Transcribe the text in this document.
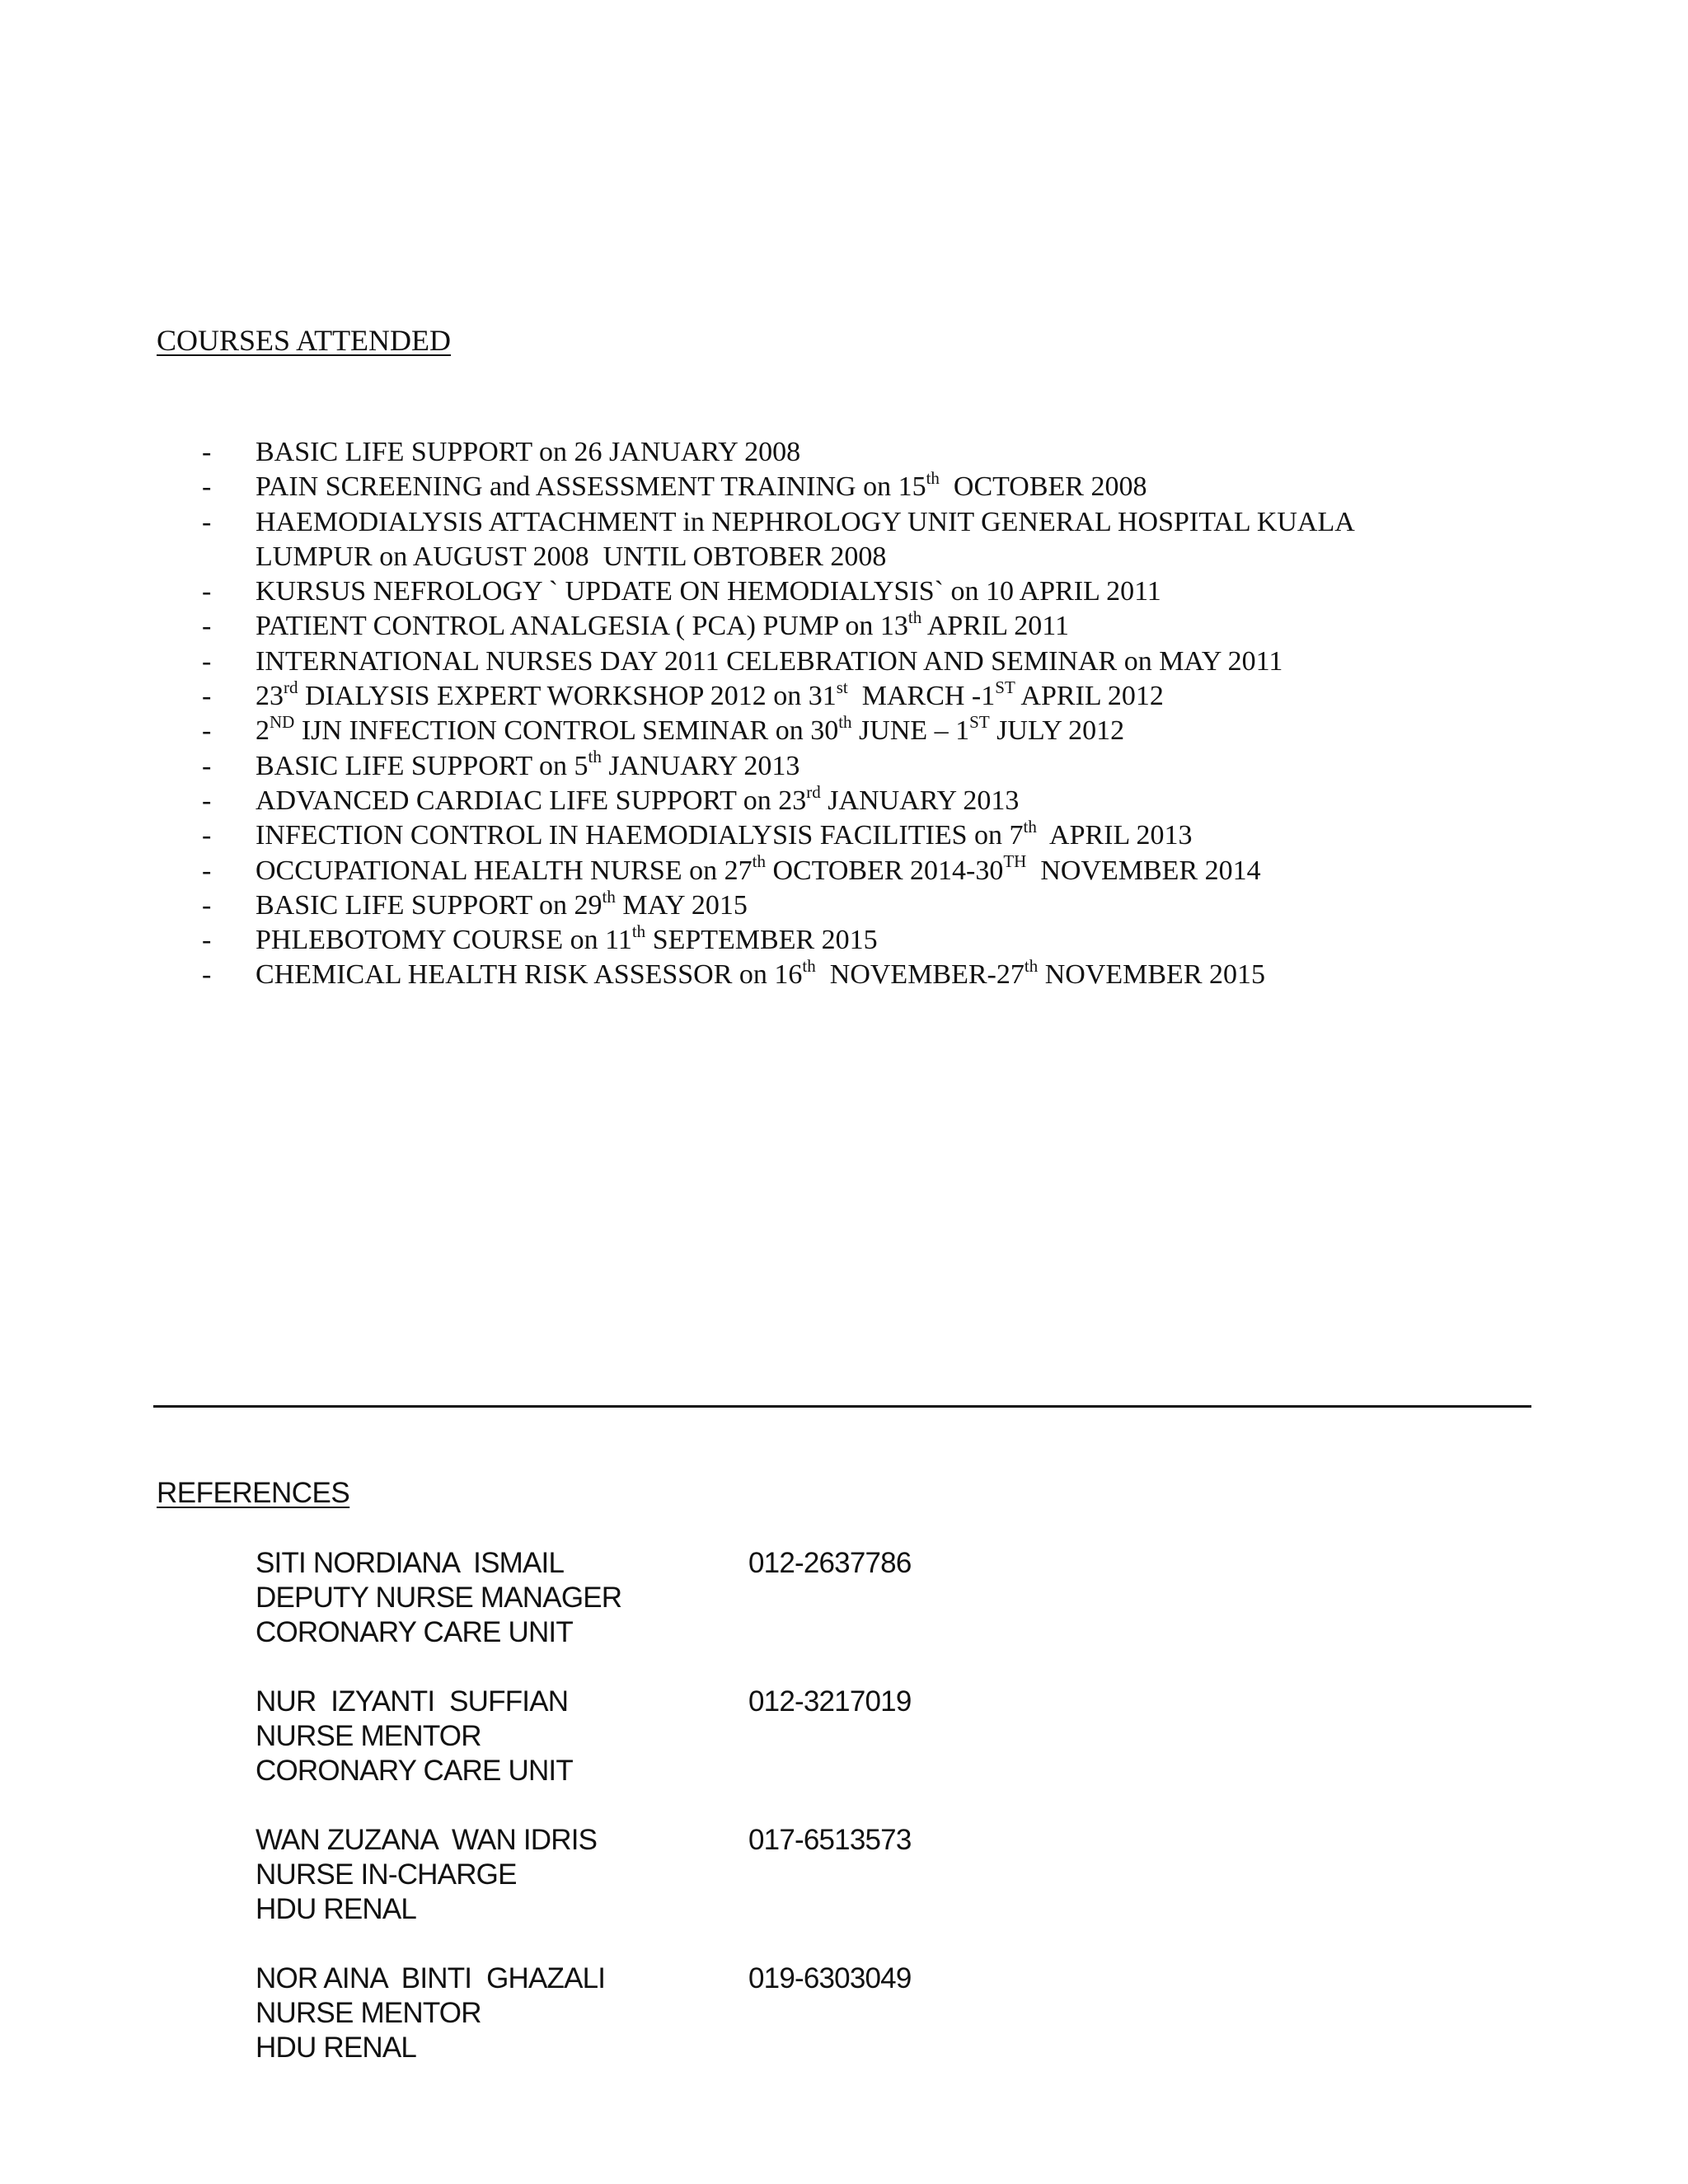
COURSES ATTENDED
- BASIC LIFE SUPPORT on 26 JANUARY 2008
- PAIN SCREENING and ASSESSMENT TRAINING on 15th  OCTOBER 2008
- HAEMODIALYSIS ATTACHMENT in NEPHROLOGY UNIT GENERAL HOSPITAL KUALA LUMPUR on AUGUST 2008  UNTIL OBTOBER 2008
- KURSUS NEFROLOGY ` UPDATE ON HEMODIALYSIS` on 10 APRIL 2011
- PATIENT CONTROL ANALGESIA ( PCA) PUMP on 13th APRIL 2011
- INTERNATIONAL NURSES DAY 2011 CELEBRATION AND SEMINAR on MAY 2011
- 23rd DIALYSIS EXPERT WORKSHOP 2012 on 31st  MARCH -1ST APRIL 2012
- 2ND IJN INFECTION CONTROL SEMINAR on 30th JUNE – 1ST JULY 2012
- BASIC LIFE SUPPORT on 5th JANUARY 2013
- ADVANCED CARDIAC LIFE SUPPORT on 23rd JANUARY 2013
- INFECTION CONTROL IN HAEMODIALYSIS FACILITIES on 7th  APRIL 2013
- OCCUPATIONAL HEALTH NURSE on 27th OCTOBER 2014-30TH  NOVEMBER 2014
- BASIC LIFE SUPPORT on 29th MAY 2015
- PHLEBOTOMY COURSE on 11th SEPTEMBER 2015
- CHEMICAL HEALTH RISK ASSESSOR on 16th  NOVEMBER-27th NOVEMBER 2015
REFERENCES
SITI NORDIANA  ISMAIL
DEPUTY NURSE MANAGER
CORONARY CARE UNIT
012-2637786
NUR  IZYANTI  SUFFIAN
NURSE MENTOR
CORONARY CARE UNIT
012-3217019
WAN ZUZANA  WAN IDRIS
NURSE IN-CHARGE
HDU RENAL
017-6513573
NOR AINA  BINTI  GHAZALI
NURSE MENTOR
HDU RENAL
019-6303049
